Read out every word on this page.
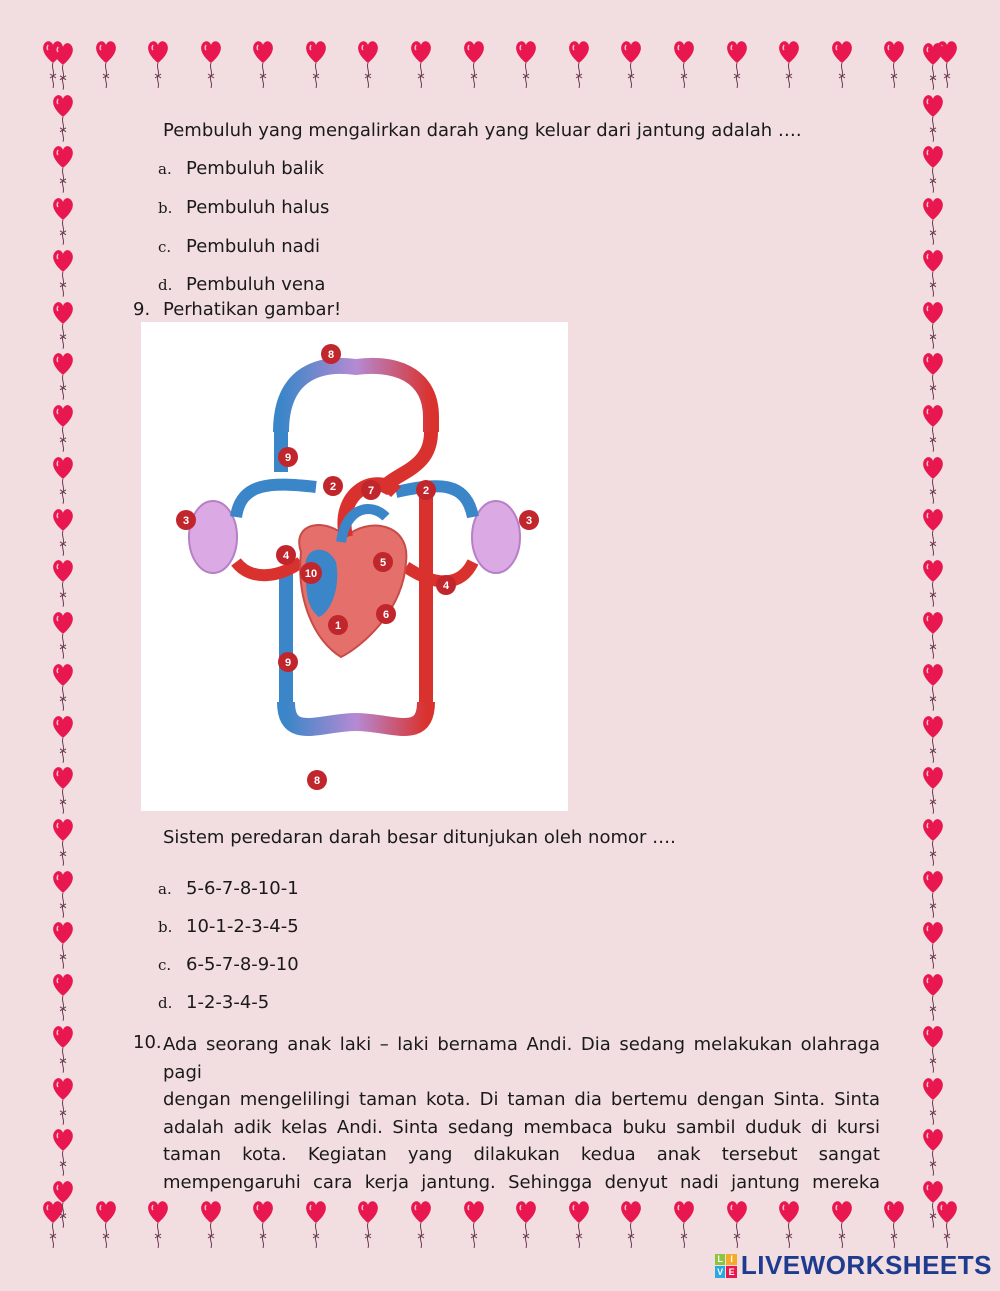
Pembuluh yang mengalirkan darah yang keluar dari jantung adalah ….
a. Pembuluh balik
b. Pembuluh halus
c. Pembuluh nadi
d. Pembuluh vena
9. Perhatikan gambar!
8
9
2	7	2
3	3
4
10
5
4
6
1
9
8
Sistem peredaran darah besar ditunjukan oleh nomor ….
a. 5-6-7-8-10-1
b. 10-1-2-3-4-5
c. 6-5-7-8-9-10
d. 1-2-3-4-5
10. Ada seorang anak laki – laki bernama Andi. Dia sedang melakukan olahraga pagi
dengan mengelilingi taman kota. Di taman dia bertemu dengan Sinta. Sinta
adalah adik kelas Andi. Sinta sedang membaca buku sambil duduk di kursi
taman kota. Kegiatan yang dilakukan kedua anak tersebut sangat
mempengaruhi cara kerja jantung. Sehingga denyut nadi jantung mereka
L I
V E LIVEWORKSHEETS
